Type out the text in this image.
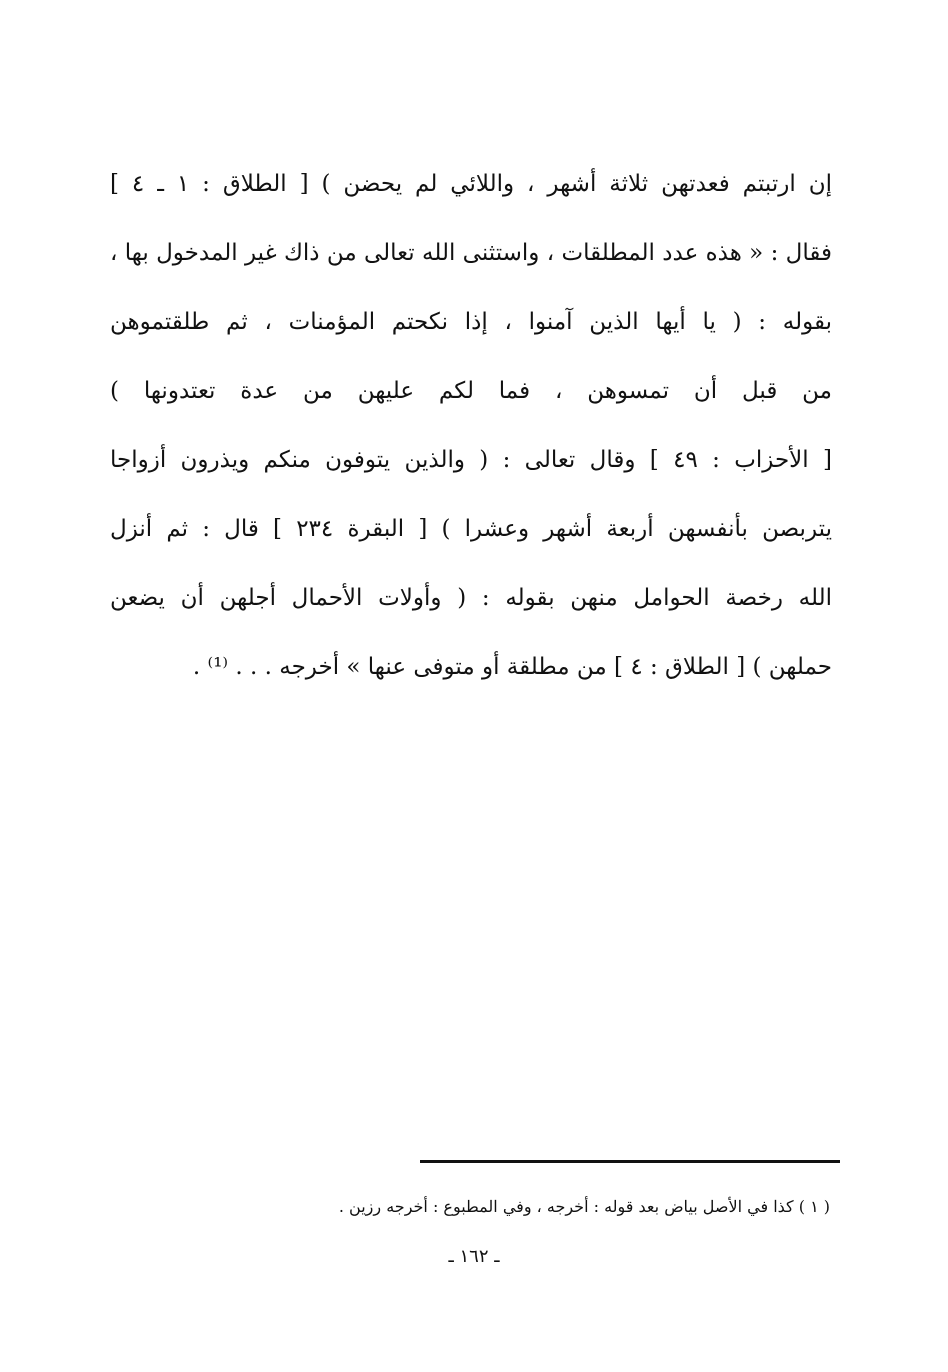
إن ارتبتم فعدتهن ثلاثة أشهر ، واللائي لم يحضن ) [ الطلاق : ١ ـ ٤ ]
فقال : « هذه عدد المطلقات ، واستثنى الله تعالى من ذاك غير المدخول بها ،
بقوله : ( يا أيها الذين آمنوا ، إذا نكحتم المؤمنات ، ثم طلقتموهن
من قبل أن تمسوهن ، فما لكم عليهن من عدة تعتدونها )
[ الأحزاب : ٤٩ ] وقال تعالى : ( والذين يتوفون منكم ويذرون أزواجا
يتربصن بأنفسهن أربعة أشهر وعشرا ) [ البقرة ٢٣٤ ] قال : ثم أنزل
الله رخصة الحوامل منهن بقوله : ( وأولات الأحمال أجلهن أن يضعن
حملهن ) [ الطلاق : ٤ ] من مطلقة أو متوفى عنها » أخرجه . . . ⁽¹⁾ .
( ١ ) كذا في الأصل بياض بعد قوله : أخرجه ، وفي المطبوع : أخرجه رزين .
ـ ١٦٢ ـ
